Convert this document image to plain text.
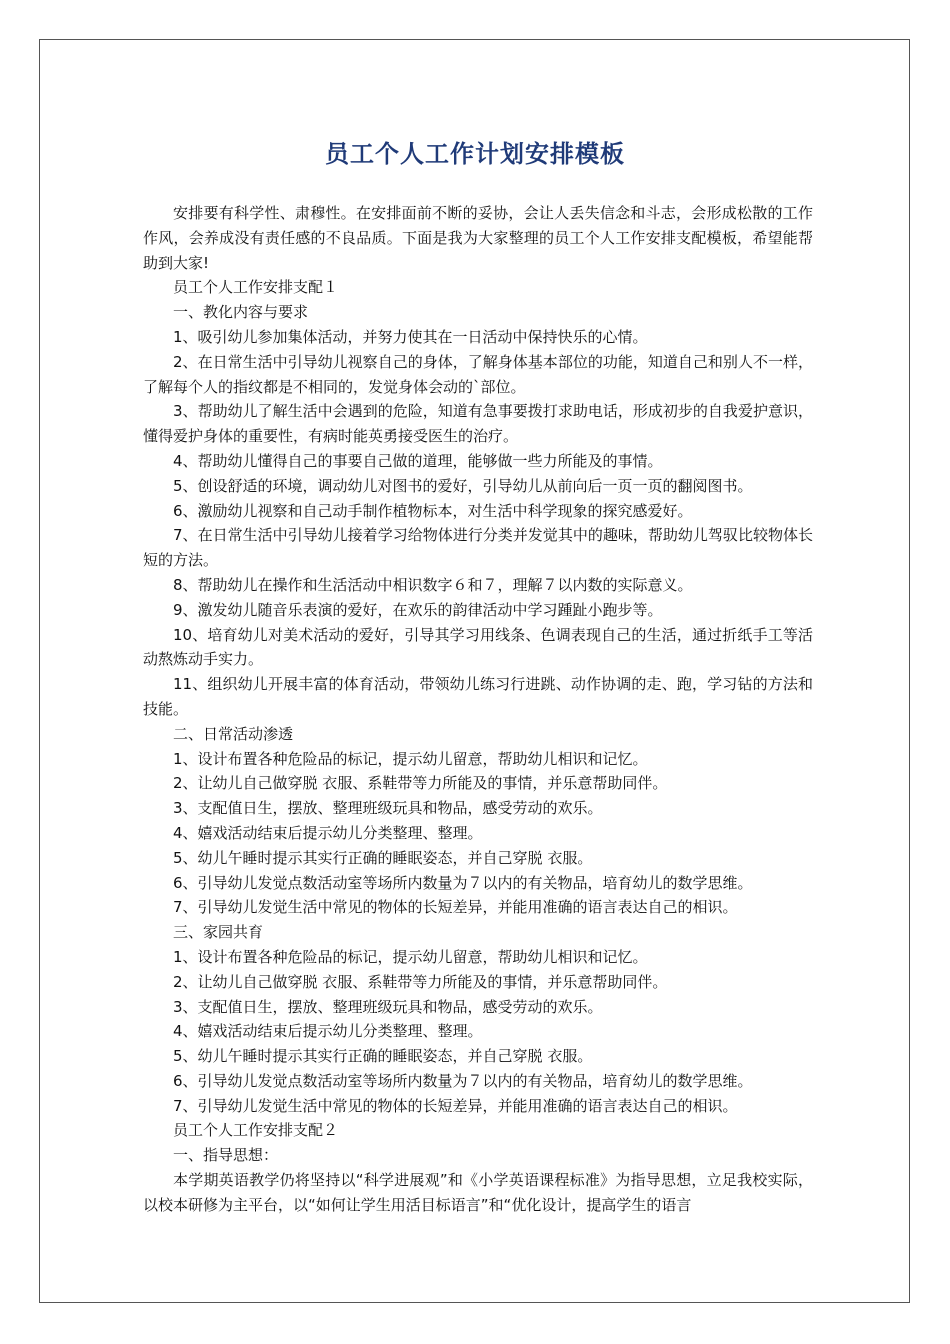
员工个人工作计划安排模板

安排要有科学性、肃穆性。在安排面前不断的妥协，会让人丢失信念和斗志，会形成松散的工作作风，会养成没有责任感的不良品质。下面是我为大家整理的员工个人工作安排支配模板，希望能帮助到大家!

员工个人工作安排支配１

一、教化内容与要求

1、吸引幼儿参加集体活动，并努力使其在一日活动中保持快乐的心情。

2、在日常生活中引导幼儿视察自己的身体，了解身体基本部位的功能，知道自己和别人不一样，了解每个人的指纹都是不相同的，发觉身体会动的`部位。

3、帮助幼儿了解生活中会遇到的危险，知道有急事要拨打求助电话，形成初步的自我爱护意识，懂得爱护身体的重要性，有病时能英勇接受医生的治疗。

4、帮助幼儿懂得自己的事要自己做的道理，能够做一些力所能及的事情。

5、创设舒适的环境，调动幼儿对图书的爱好，引导幼儿从前向后一页一页的翻阅图书。

6、激励幼儿视察和自己动手制作植物标本，对生活中科学现象的探究感爱好。

7、在日常生活中引导幼儿接着学习给物体进行分类并发觉其中的趣味，帮助幼儿驾驭比较物体长短的方法。

8、帮助幼儿在操作和生活活动中相识数字６和７，理解７以内数的实际意义。

9、激发幼儿随音乐表演的爱好，在欢乐的韵律活动中学习踵趾小跑步等。

10、培育幼儿对美术活动的爱好，引导其学习用线条、色调表现自己的生活，通过折纸手工等活动熬炼动手实力。

11、组织幼儿开展丰富的体育活动，带领幼儿练习行进跳、动作协调的走、跑，学习钻的方法和技能。

二、日常活动渗透

1、设计布置各种危险品的标记，提示幼儿留意，帮助幼儿相识和记忆。

2、让幼儿自己做穿脱 衣服、系鞋带等力所能及的事情，并乐意帮助同伴。

3、支配值日生，摆放、整理班级玩具和物品，感受劳动的欢乐。

4、嬉戏活动结束后提示幼儿分类整理、整理。

5、幼儿午睡时提示其实行正确的睡眠姿态，并自己穿脱 衣服。

6、引导幼儿发觉点数活动室等场所内数量为７以内的有关物品，培育幼儿的数学思维。

7、引导幼儿发觉生活中常见的物体的长短差异，并能用准确的语言表达自己的相识。

三、家园共育

1、设计布置各种危险品的标记，提示幼儿留意，帮助幼儿相识和记忆。

2、让幼儿自己做穿脱 衣服、系鞋带等力所能及的事情，并乐意帮助同伴。

3、支配值日生，摆放、整理班级玩具和物品，感受劳动的欢乐。

4、嬉戏活动结束后提示幼儿分类整理、整理。

5、幼儿午睡时提示其实行正确的睡眠姿态，并自己穿脱 衣服。

6、引导幼儿发觉点数活动室等场所内数量为７以内的有关物品，培育幼儿的数学思维。

7、引导幼儿发觉生活中常见的物体的长短差异，并能用准确的语言表达自己的相识。

员工个人工作安排支配２

一、指导思想：

本学期英语教学仍将坚持以“科学进展观”和《小学英语课程标准》为指导思想，立足我校实际，以校本研修为主平台，以“如何让学生用活目标语言”和“优化设计，提高学生的语言
